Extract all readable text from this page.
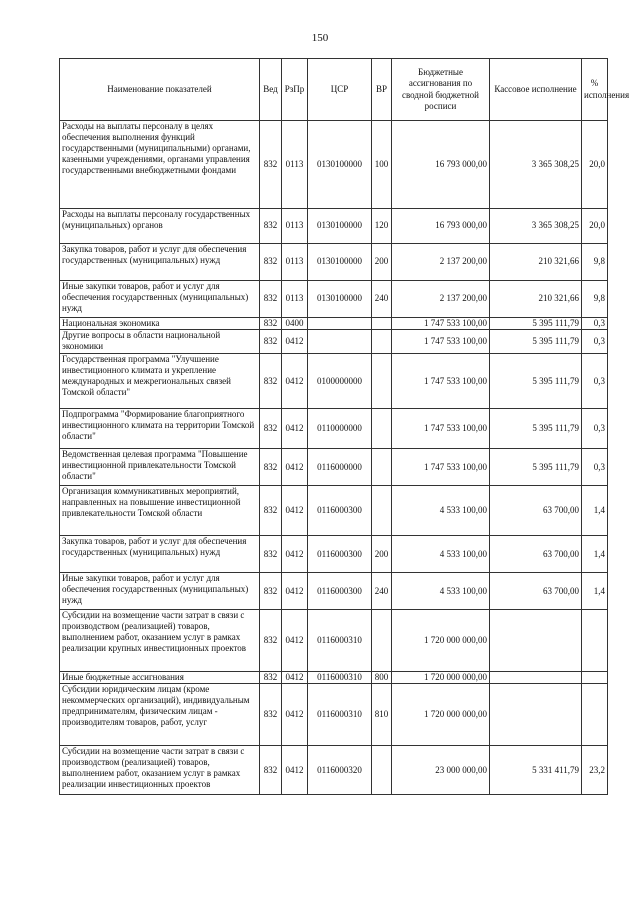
150
Наименование показателей	Вед	РзПр	ЦСР	ВР	Бюджетные ассигнования по сводной бюджетной росписи	Кассовое исполнение	% исполнения
Расходы на выплаты персоналу в целях обеспечения выполнения функций государственными (муниципальными) органами, казенными учреждениями, органами управления государственными внебюджетными фондами	832	0113	0130100000	100	16 793 000,00	3 365 308,25	20,0
Расходы на выплаты персоналу государственных (муниципальных) органов	832	0113	0130100000	120	16 793 000,00	3 365 308,25	20,0
Закупка товаров, работ и услуг для обеспечения государственных (муниципальных) нужд	832	0113	0130100000	200	2 137 200,00	210 321,66	9,8
Иные закупки товаров, работ и услуг для обеспечения государственных (муниципальных) нужд	832	0113	0130100000	240	2 137 200,00	210 321,66	9,8
Национальная экономика	832	0400			1 747 533 100,00	5 395 111,79	0,3
Другие вопросы в области национальной экономики	832	0412			1 747 533 100,00	5 395 111,79	0,3
Государственная программа "Улучшение инвестиционного климата и укрепление международных и межрегиональных связей Томской области"	832	0412	0100000000		1 747 533 100,00	5 395 111,79	0,3
Подпрограмма "Формирование благоприятного инвестиционного климата на территории Томской области"	832	0412	0110000000		1 747 533 100,00	5 395 111,79	0,3
Ведомственная целевая программа "Повышение инвестиционной привлекательности Томской области"	832	0412	0116000000		1 747 533 100,00	5 395 111,79	0,3
Организация коммуникативных мероприятий, направленных на повышение инвестиционной привлекательности Томской области	832	0412	0116000300		4 533 100,00	63 700,00	1,4
Закупка товаров, работ и услуг для обеспечения государственных (муниципальных) нужд	832	0412	0116000300	200	4 533 100,00	63 700,00	1,4
Иные закупки товаров, работ и услуг для обеспечения государственных (муниципальных) нужд	832	0412	0116000300	240	4 533 100,00	63 700,00	1,4
Субсидии на возмещение части затрат в связи с производством (реализацией) товаров, выполнением работ, оказанием услуг в рамках реализации крупных инвестиционных проектов	832	0412	0116000310		1 720 000 000,00		
Иные бюджетные ассигнования	832	0412	0116000310	800	1 720 000 000,00		
Субсидии юридическим лицам (кроме некоммерческих организаций), индивидуальным предпринимателям, физическим лицам - производителям товаров, работ, услуг	832	0412	0116000310	810	1 720 000 000,00		
Субсидии на возмещение части затрат в связи с производством (реализацией) товаров, выполнением работ, оказанием услуг в рамках реализации инвестиционных проектов	832	0412	0116000320		23 000 000,00	5 331 411,79	23,2
